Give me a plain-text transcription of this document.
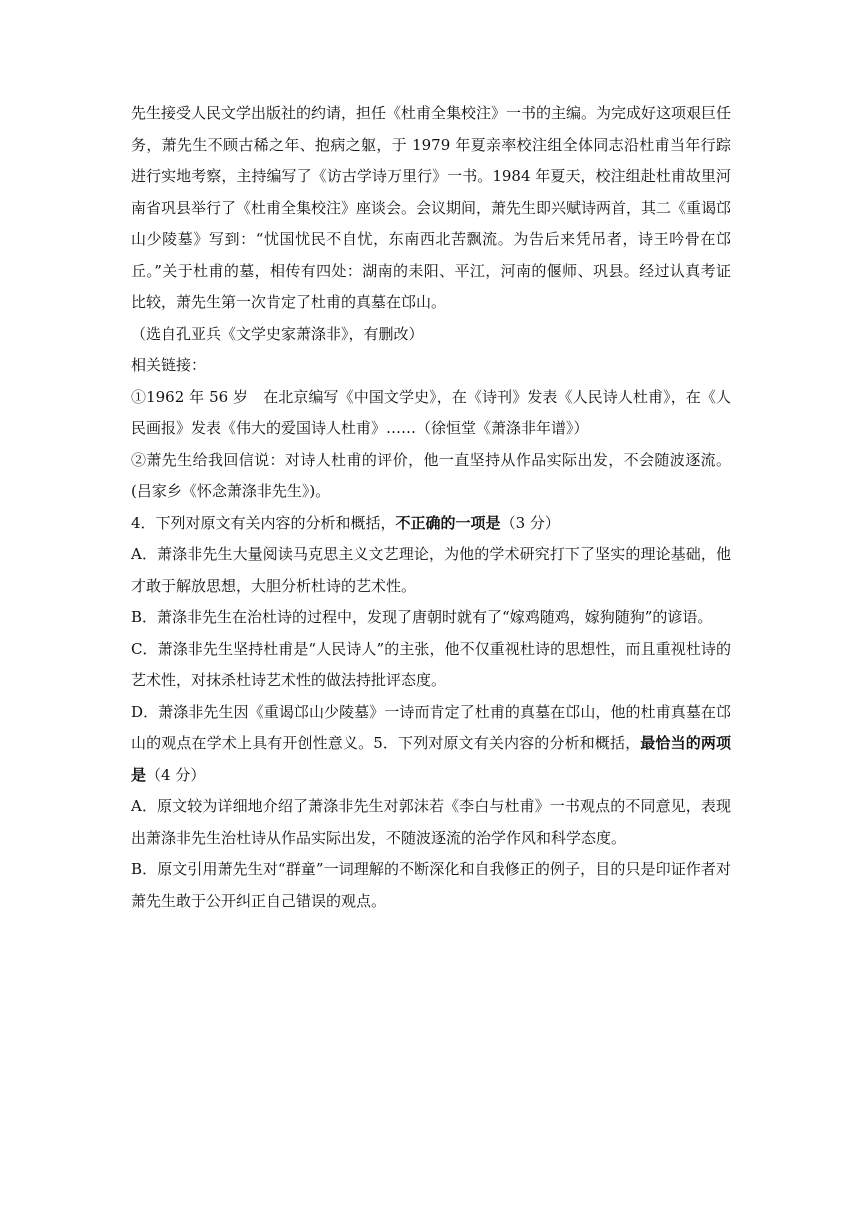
先生接受人民文学出版社的约请，担任《杜甫全集校注》一书的主编。为完成好这项艰巨任务，萧先生不顾古稀之年、抱病之躯，于 1979 年夏亲率校注组全体同志沿杜甫当年行踪进行实地考察，主持编写了《访古学诗万里行》一书。1984 年夏天，校注组赴杜甫故里河南省巩县举行了《杜甫全集校注》座谈会。会议期间，萧先生即兴赋诗两首，其二《重谒邙山少陵墓》写到：“忧国忧民不自忧，东南西北苦飘流。为告后来凭吊者，诗王吟骨在邙丘。”关于杜甫的墓，相传有四处：湖南的耒阳、平江，河南的偃师、巩县。经过认真考证比较，萧先生第一次肯定了杜甫的真墓在邙山。

（选自孔亚兵《文学史家萧涤非》，有删改）

相关链接：

①1962 年 56 岁　在北京编写《中国文学史》，在《诗刊》发表《人民诗人杜甫》，在《人民画报》发表《伟大的爱国诗人杜甫》……（徐恒堂《萧涤非年谱》）

②萧先生给我回信说：对诗人杜甫的评价，他一直坚持从作品实际出发，不会随波逐流。(吕家乡《怀念萧涤非先生》)。

4．下列对原文有关内容的分析和概括，不正确的一项是（3 分）

A．萧涤非先生大量阅读马克思主义文艺理论，为他的学术研究打下了坚实的理论基础，他才敢于解放思想，大胆分析杜诗的艺术性。

B．萧涤非先生在治杜诗的过程中，发现了唐朝时就有了“嫁鸡随鸡，嫁狗随狗”的谚语。

C．萧涤非先生坚持杜甫是“人民诗人”的主张，他不仅重视杜诗的思想性，而且重视杜诗的艺术性，对抹杀杜诗艺术性的做法持批评态度。

D．萧涤非先生因《重谒邙山少陵墓》一诗而肯定了杜甫的真墓在邙山，他的杜甫真墓在邙山的观点在学术上具有开创性意义。5．下列对原文有关内容的分析和概括，最恰当的两项是（4 分）

A．原文较为详细地介绍了萧涤非先生对郭沫若《李白与杜甫》一书观点的不同意见，表现出萧涤非先生治杜诗从作品实际出发，不随波逐流的治学作风和科学态度。

B．原文引用萧先生对“群童”一词理解的不断深化和自我修正的例子，目的只是印证作者对萧先生敢于公开纠正自己错误的观点。
